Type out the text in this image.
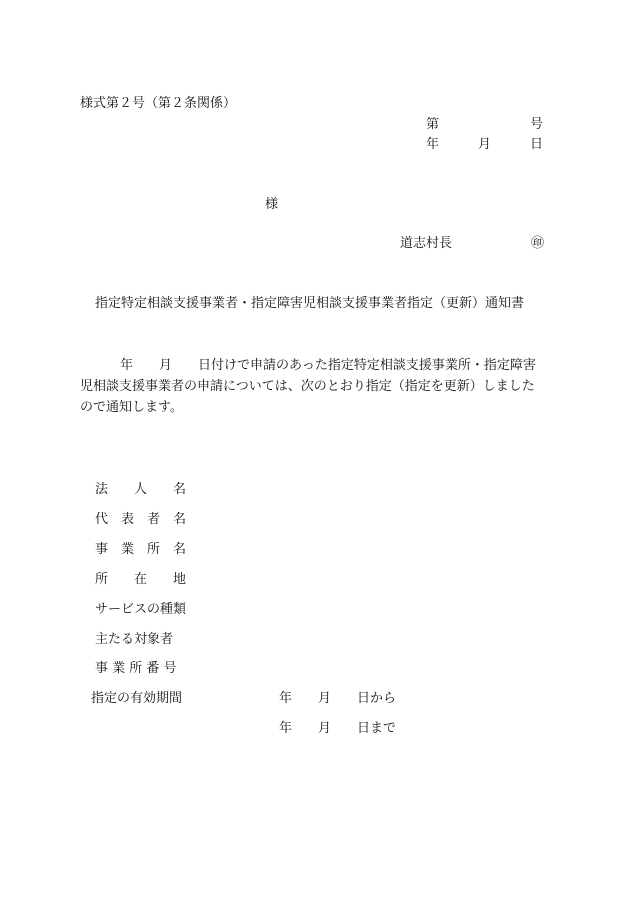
様式第２号（第２条関係）
第　　　　　　　号
年　　　月　　　日
様
道志村長	㊞
指定特定相談支援事業者・指定障害児相談支援事業者指定（更新）通知書
年　　月　　日付けで申請のあった指定特定相談支援事業所・指定障害
児相談支援事業者の申請については、次のとおり指定（指定を更新）しました
ので通知します。
法　　人　　名
代　表　者　名
事　業　所　名
所　　在　　地
サービスの種類
主たる対象者
事 業 所 番 号
指定の有効期間	年　　月　　日から
年　　月　　日まで
